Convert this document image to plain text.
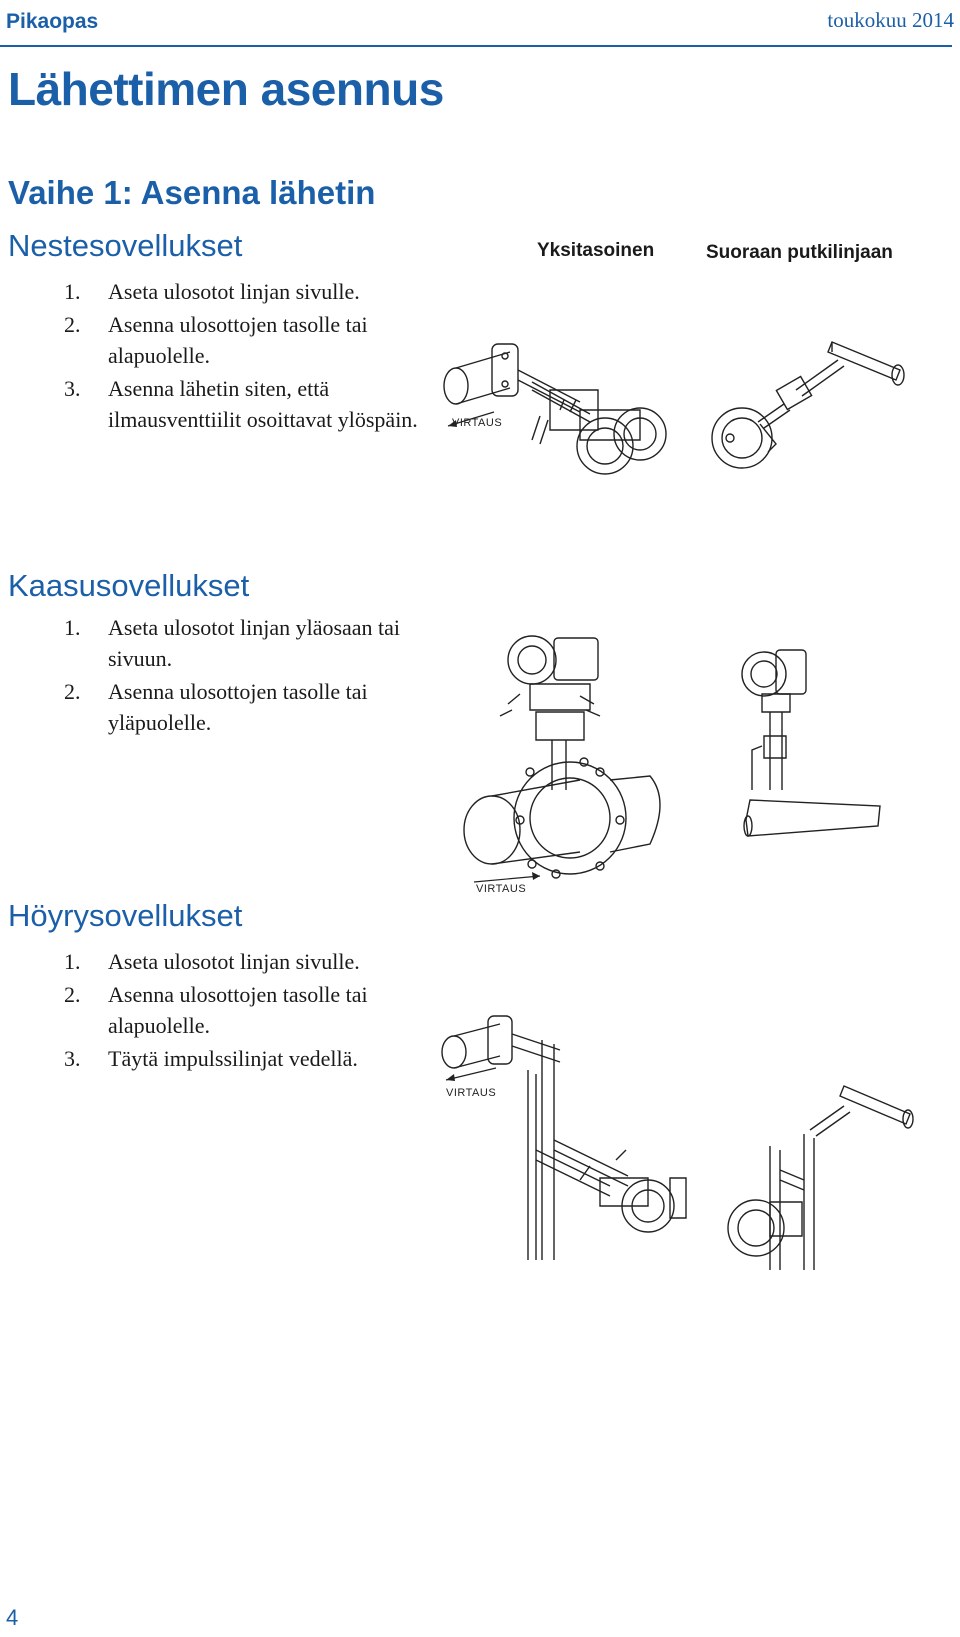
Pikaopas	toukokuu 2014
Lähettimen asennus
Vaihe 1: Asenna lähetin
Nestesovellukset
1. Aseta ulosotot linjan sivulle.
2. Asenna ulosottojen tasolle tai alapuolelle.
3. Asenna lähetin siten, että ilmausventtiilit osoittavat ylöspäin.
Yksitasoinen	Suoraan putkilinjaan
VIRTAUS
Kaasusovellukset
1. Aseta ulosotot linjan yläosaan tai sivuun.
2. Asenna ulosottojen tasolle tai yläpuolelle.
VIRTAUS
Höyrysovellukset
1. Aseta ulosotot linjan sivulle.
2. Asenna ulosottojen tasolle tai alapuolelle.
3. Täytä impulssilinjat vedellä.
VIRTAUS
4
